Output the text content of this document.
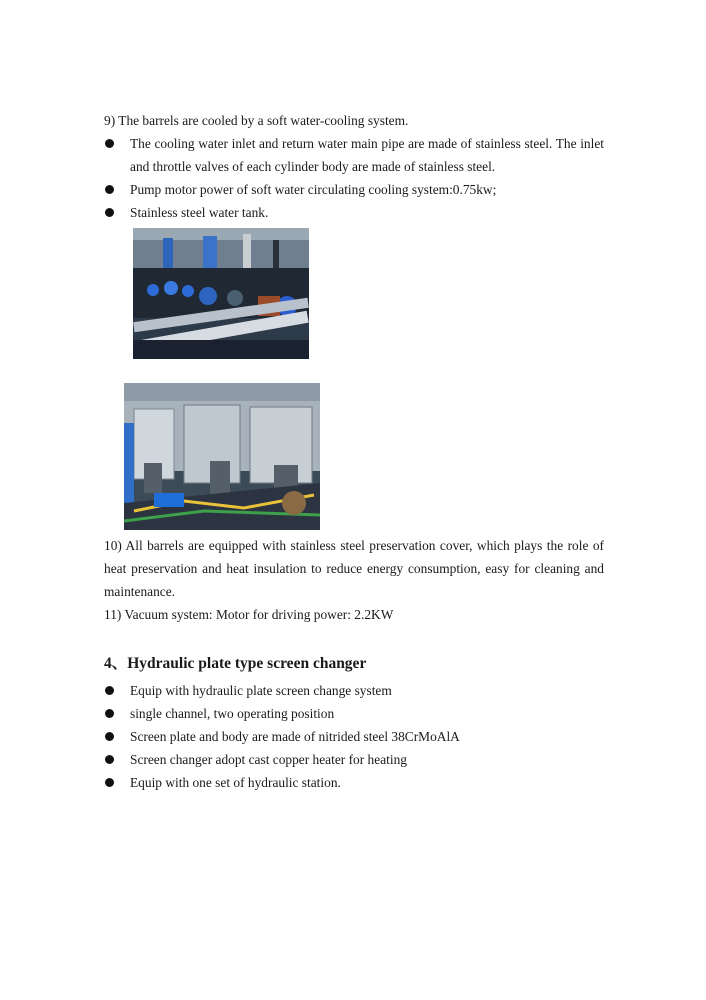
9) The barrels are cooled by a soft water-cooling system.
The cooling water inlet and return water main pipe are made of stainless steel. The inlet and throttle valves of each cylinder body are made of stainless steel.
Pump motor power of soft water circulating cooling system:0.75kw;
Stainless steel water tank.
10) All barrels are equipped with stainless steel preservation cover, which plays the role of heat preservation and heat insulation to reduce energy consumption, easy for cleaning and maintenance.
11) Vacuum system: Motor for driving power: 2.2KW
4、Hydraulic plate type screen changer
Equip with hydraulic plate screen change system
single channel, two operating position
Screen plate and body are made of nitrided steel 38CrMoAlA
Screen changer adopt cast copper heater for heating
Equip with one set of hydraulic station.
